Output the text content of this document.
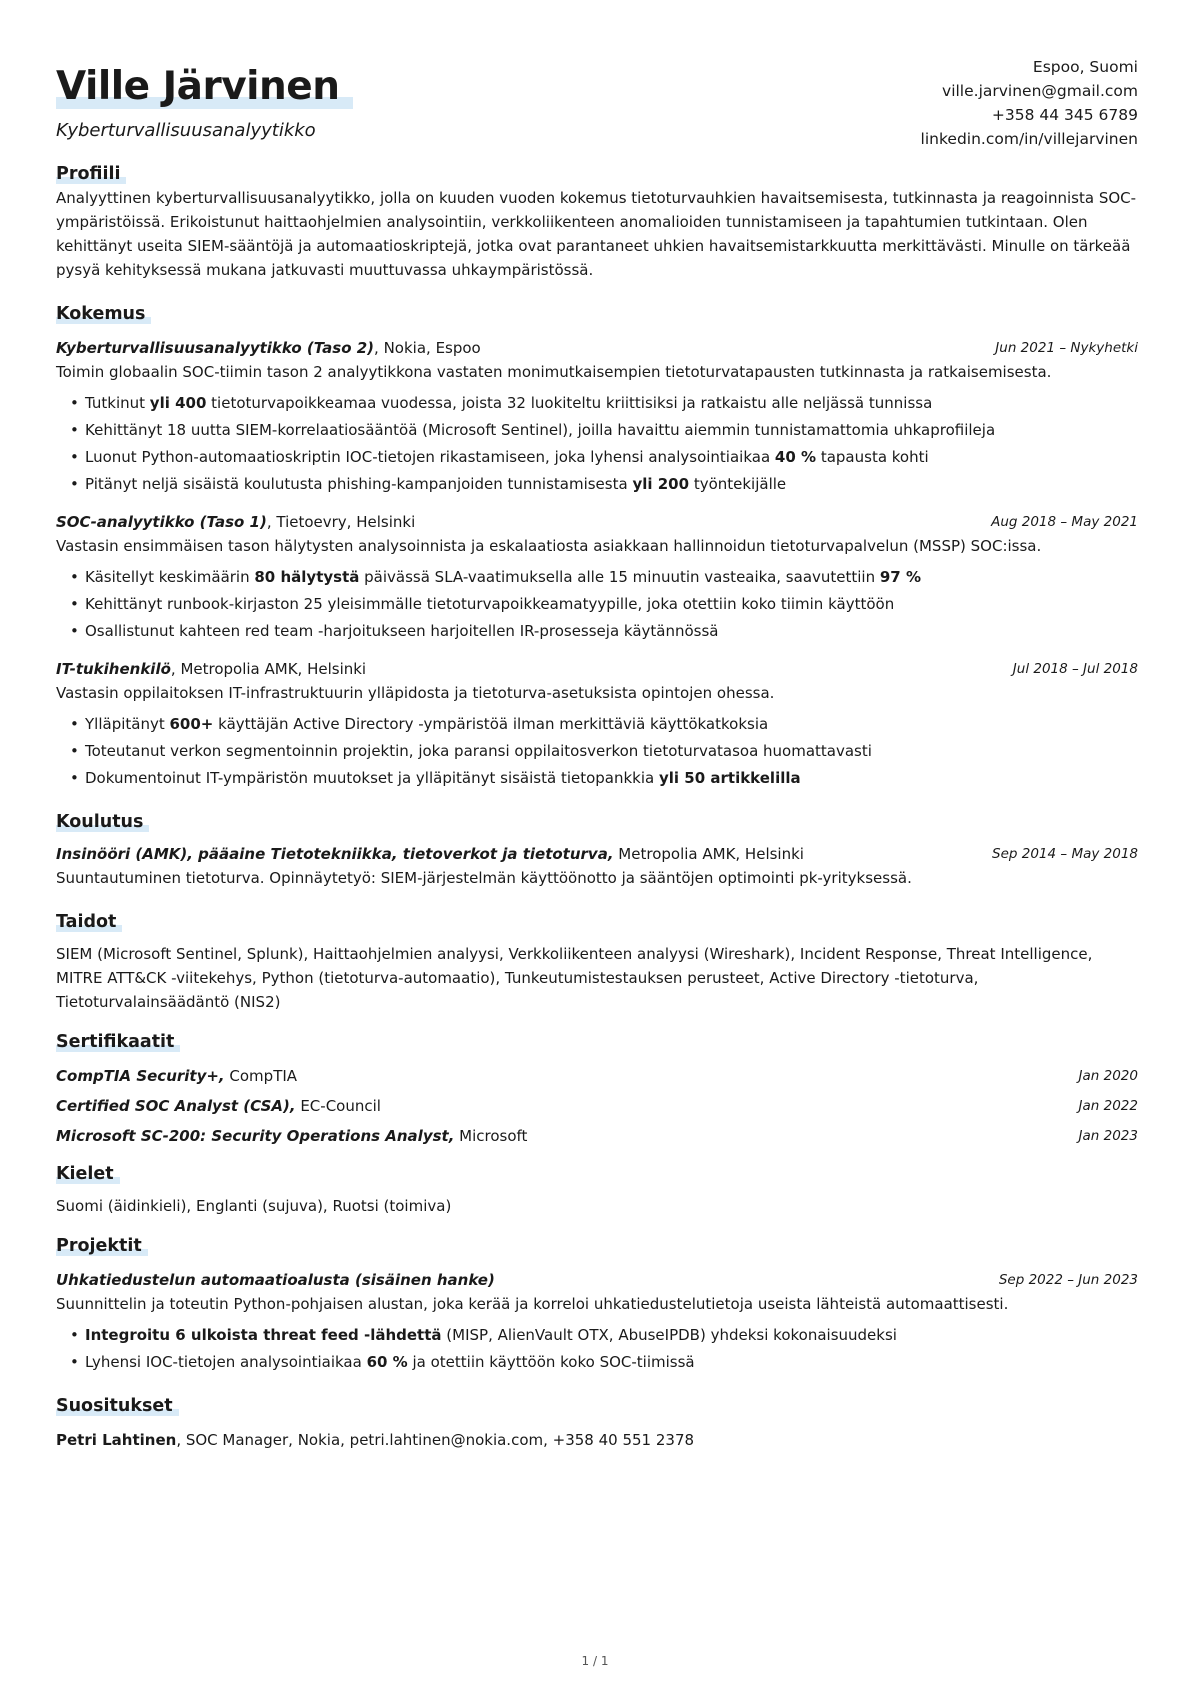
Ville Järvinen
Kyberturvallisuusanalyytikko
Espoo, Suomi
ville.jarvinen@gmail.com
+358 44 345 6789
linkedin.com/in/villejarvinen
Profiili

Analyyttinen kyberturvallisuusanalyytikko, jolla on kuuden vuoden kokemus tietoturvauhkien havaitsemisesta, tutkinnasta ja reagoinnista SOC-ympäristöissä. Erikoistunut haittaohjelmien analysointiin, verkkoliikenteen anomalioiden tunnistamiseen ja tapahtumien tutkintaan. Olen kehittänyt useita SIEM-sääntöjä ja automaatioskriptejä, jotka ovat parantaneet uhkien havaitsemistarkkuutta merkittävästi. Minulle on tärkeää pysyä kehityksessä mukana jatkuvasti muuttuvassa uhkaympäristössä.

Kokemus
Kyberturvallisuusanalyytikko (Taso 2), Nokia, Espoo	Jun 2021 – Nykyhetki

Toimin globaalin SOC-tiimin tason 2 analyytikkona vastaten monimutkaisempien tietoturvatapausten tutkinnasta ja ratkaisemisesta.

• Tutkinut yli 400 tietoturvapoikkeamaa vuodessa, joista 32 luokiteltu kriittisiksi ja ratkaistu alle neljässä tunnissa
• Kehittänyt 18 uutta SIEM-korrelaatiosääntöä (Microsoft Sentinel), joilla havaittu aiemmin tunnistamattomia uhkaprofiileja
• Luonut Python-automaatioskriptin IOC-tietojen rikastamiseen, joka lyhensi analysointiaikaa 40 % tapausta kohti
• Pitänyt neljä sisäistä koulutusta phishing-kampanjoiden tunnistamisesta yli 200 työntekijälle
SOC-analyytikko (Taso 1), Tietoevry, Helsinki	Aug 2018 – May 2021

Vastasin ensimmäisen tason hälytysten analysoinnista ja eskalaatiosta asiakkaan hallinnoidun tietoturvapalvelun (MSSP) SOC:issa.

• Käsitellyt keskimäärin 80 hälytystä päivässä SLA-vaatimuksella alle 15 minuutin vasteaika, saavutettiin 97 %
• Kehittänyt runbook-kirjaston 25 yleisimmälle tietoturvapoikkeamatyypille, joka otettiin koko tiimin käyttöön
• Osallistunut kahteen red team -harjoitukseen harjoitellen IR-prosesseja käytännössä
IT-tukihenkilö, Metropolia AMK, Helsinki	Jul 2018 – Jul 2018

Vastasin oppilaitoksen IT-infrastruktuurin ylläpidosta ja tietoturva-asetuksista opintojen ohessa.

• Ylläpitänyt 600+ käyttäjän Active Directory -ympäristöä ilman merkittäviä käyttökatkoksia
• Toteutanut verkon segmentoinnin projektin, joka paransi oppilaitosverkon tietoturvatasoa huomattavasti
• Dokumentoinut IT-ympäristön muutokset ja ylläpitänyt sisäistä tietopankkia yli 50 artikkelilla
Koulutus
Insinööri (AMK), pääaine Tietotekniikka, tietoverkot ja tietoturva, Metropolia AMK, Helsinki	Sep 2014 – May 2018

Suuntautuminen tietoturva. Opinnäytetyö: SIEM-järjestelmän käyttöönotto ja sääntöjen optimointi pk-yrityksessä.

Taidot

SIEM (Microsoft Sentinel, Splunk), Haittaohjelmien analyysi, Verkkoliikenteen analyysi (Wireshark), Incident Response, Threat Intelligence, MITRE ATT&CK -viitekehys, Python (tietoturva-automaatio), Tunkeutumistestauksen perusteet, Active Directory -tietoturva, Tietoturvalainsäädäntö (NIS2)

Sertifikaatit
CompTIA Security+, CompTIA	Jan 2020
Certified SOC Analyst (CSA), EC-Council	Jan 2022
Microsoft SC-200: Security Operations Analyst, Microsoft	Jan 2023
Kielet

Suomi (äidinkieli), Englanti (sujuva), Ruotsi (toimiva)

Projektit
Uhkatiedustelun automaatioalusta (sisäinen hanke)	Sep 2022 – Jun 2023

Suunnittelin ja toteutin Python-pohjaisen alustan, joka kerää ja korreloi uhkatiedustelutietoja useista lähteistä automaattisesti.

• Integroitu 6 ulkoista threat feed -lähdettä (MISP, AlienVault OTX, AbuseIPDB) yhdeksi kokonaisuudeksi
• Lyhensi IOC-tietojen analysointiaikaa 60 % ja otettiin käyttöön koko SOC-tiimissä
Suositukset

Petri Lahtinen, SOC Manager, Nokia, petri.lahtinen@nokia.com, +358 40 551 2378

1 / 1
